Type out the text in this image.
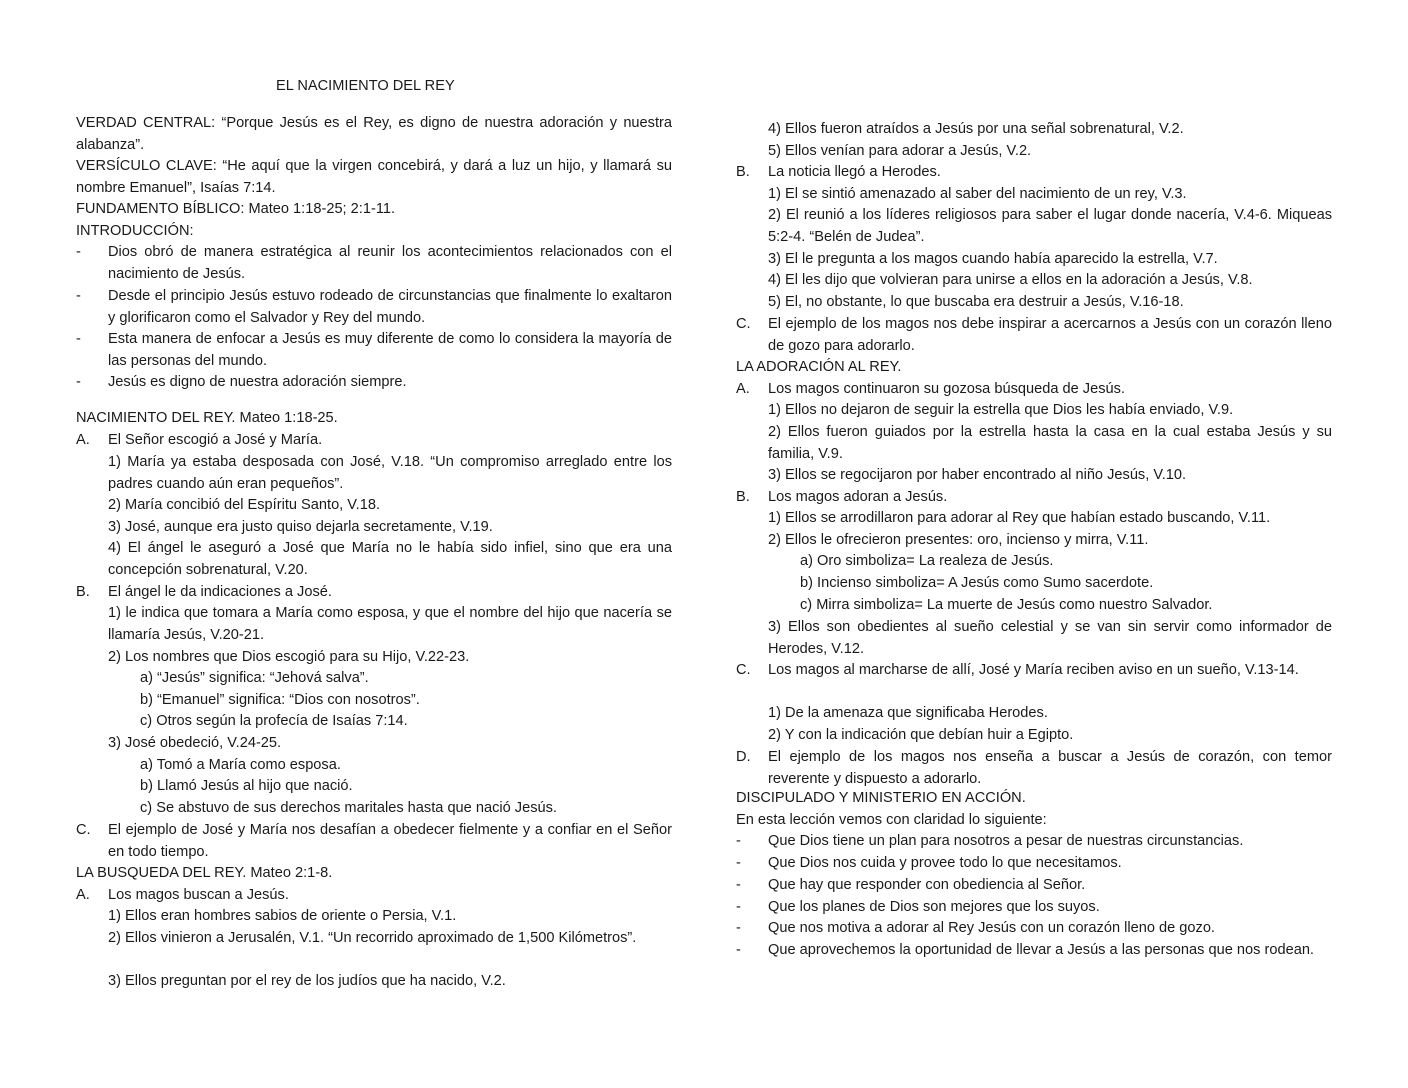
EL NACIMIENTO DEL REY
VERDAD CENTRAL: “Porque Jesús es el Rey, es digno de nuestra adoración y nuestra alabanza”.
VERSÍCULO CLAVE: “He aquí que la virgen concebirá, y dará a luz un hijo, y llamará su nombre Emanuel”, Isaías 7:14.
FUNDAMENTO BÍBLICO: Mateo 1:18-25; 2:1-11.
INTRODUCCIÓN:
- Dios obró de manera estratégica al reunir los acontecimientos relacionados con el nacimiento de Jesús.
- Desde el principio Jesús estuvo rodeado de circunstancias que finalmente lo exaltaron y glorificaron como el Salvador y Rey del mundo.
- Esta manera de enfocar a Jesús es muy diferente de como lo considera la mayoría de las personas del mundo.
- Jesús es digno de nuestra adoración siempre.
NACIMIENTO DEL REY. Mateo 1:18-25.
A. El Señor escogió a José y María.
1) María ya estaba desposada con José, V.18. “Un compromiso arreglado entre los padres cuando aún eran pequeños”.
2) María concibió del Espíritu Santo, V.18.
3) José, aunque era justo quiso dejarla secretamente, V.19.
4) El ángel le aseguró a José que María no le había sido infiel, sino que era una concepción sobrenatural, V.20.
B. El ángel le da indicaciones a José.
1) le indica que tomara a María como esposa, y que el nombre del hijo que nacería se llamaría Jesús, V.20-21.
2) Los nombres que Dios escogió para su Hijo, V.22-23.
a) “Jesús” significa: “Jehová salva”.
b) “Emanuel” significa: “Dios con nosotros”.
c) Otros según la profecía de Isaías 7:14.
3) José obedeció, V.24-25.
a) Tomó a María como esposa.
b) Llamó Jesús al hijo que nació.
c) Se abstuvo de sus derechos maritales hasta que nació Jesús.
C. El ejemplo de José y María nos desafían a obedecer fielmente y a confiar en el Señor en todo tiempo.
LA BUSQUEDA DEL REY. Mateo 2:1-8.
A. Los magos buscan a Jesús.
1) Ellos eran hombres sabios de oriente o Persia, V.1.
2) Ellos vinieron a Jerusalén, V.1. “Un recorrido aproximado de 1,500 Kilómetros”.
3) Ellos preguntan por el rey de los judíos que ha nacido, V.2.
4) Ellos fueron atraídos a Jesús por una señal sobrenatural, V.2.
5) Ellos venían para adorar a Jesús, V.2.
B. La noticia llegó a Herodes.
1) El se sintió amenazado al saber del nacimiento de un rey, V.3.
2) El reunió a los líderes religiosos para saber el lugar donde nacería, V.4-6. Miqueas 5:2-4. “Belén de Judea”.
3) El le pregunta a los magos cuando había aparecido la estrella, V.7.
4) El les dijo que volvieran para unirse a ellos en la adoración a Jesús, V.8.
5) El, no obstante, lo que buscaba era destruir a Jesús, V.16-18.
C. El ejemplo de los magos nos debe inspirar a acercarnos a Jesús con un corazón lleno de gozo para adorarlo.
LA ADORACIÓN AL REY.
A. Los magos continuaron su gozosa búsqueda de Jesús.
1) Ellos no dejaron de seguir la estrella que Dios les había enviado, V.9.
2) Ellos fueron guiados por la estrella hasta la casa en la cual estaba Jesús y su familia, V.9.
3) Ellos se regocijaron por haber encontrado al niño Jesús, V.10.
B. Los magos adoran a Jesús.
1) Ellos se arrodillaron para adorar al Rey que habían estado buscando, V.11.
2) Ellos le ofrecieron presentes: oro, incienso y mirra, V.11.
a) Oro simboliza= La realeza de Jesús.
b) Incienso simboliza= A Jesús como Sumo sacerdote.
c) Mirra simboliza= La muerte de Jesús como nuestro Salvador.
3) Ellos son obedientes al sueño celestial y se van sin servir como informador de Herodes, V.12.
C. Los magos al marcharse de allí, José y María reciben aviso en un sueño, V.13-14.
1) De la amenaza que significaba Herodes.
2) Y con la indicación que debían huir a Egipto.
D. El ejemplo de los magos nos enseña a buscar a Jesús de corazón, con temor reverente y dispuesto a adorarlo.
DISCIPULADO Y MINISTERIO EN ACCIÓN.
En esta lección vemos con claridad lo siguiente:
- Que Dios tiene un plan para nosotros a pesar de nuestras circunstancias.
- Que Dios nos cuida y provee todo lo que necesitamos.
- Que hay que responder con obediencia al Señor.
- Que los planes de Dios son mejores que los suyos.
- Que nos motiva a adorar al Rey Jesús con un corazón lleno de gozo.
- Que aprovechemos la oportunidad de llevar a Jesús a las personas que nos rodean.
